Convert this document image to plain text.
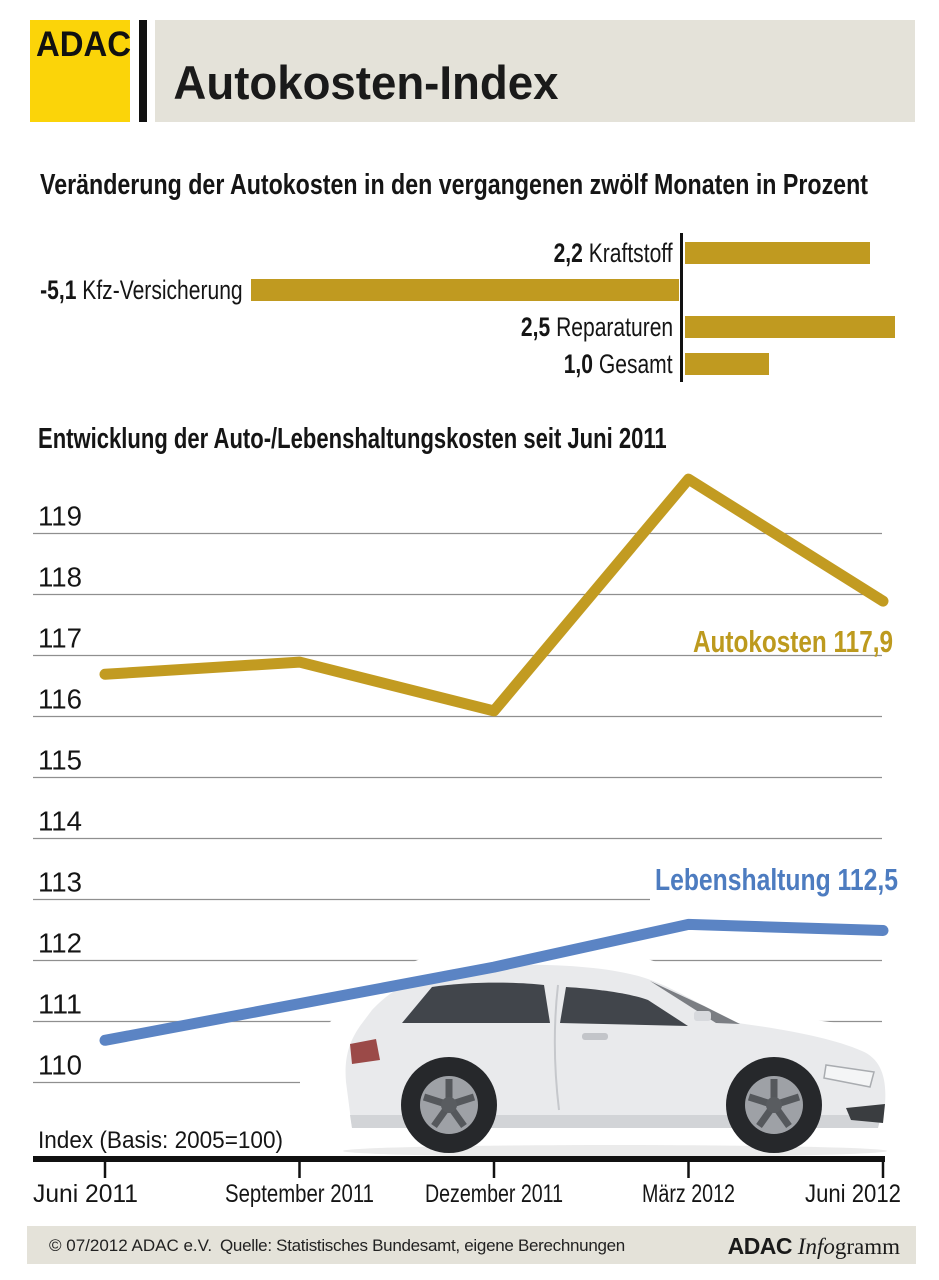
ADAC
Autokosten-Index
Veränderung der Autokosten in den vergangenen zwölf Monaten in Prozent
2,2 Kraftstoff
-5,1 Kfz-Versicherung
2,5 Reparaturen
1,0 Gesamt
Entwicklung der Auto-/Lebenshaltungskosten seit Juni 2011
119
118
117
116
115
114
113
112
111
110
Autokosten 117,9
Lebenshaltung 112,5
Index (Basis: 2005=100)
Juni 2011	September 2011 Dezember 2011	März 2012	Juni 2012
© 07/2012 ADAC e.V. Quelle: Statistisches Bundesamt, eigene Berechnungen	ADAC Infogramm
